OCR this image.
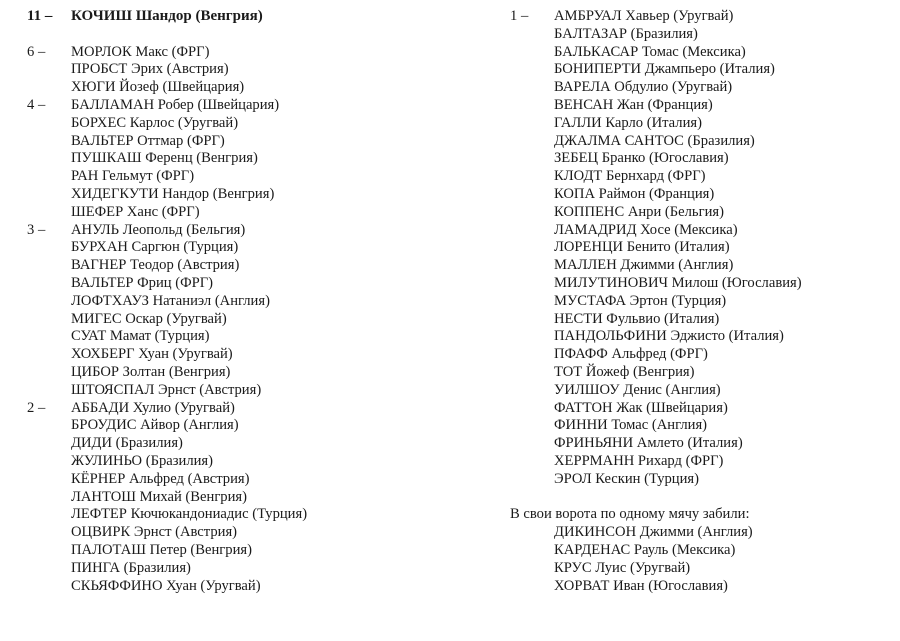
11 –	КОЧИШ Шандор (Венгрия)
6 –	МОРЛОК Макс (ФРГ)
ПРОБСТ Эрих (Австрия)
ХЮГИ Йозеф (Швейцария)
4 –	БАЛЛАМАН Робер (Швейцария)
БОРХЕС Карлос (Уругвай)
ВАЛЬТЕР Оттмар (ФРГ)
ПУШКАШ Ференц (Венгрия)
РАН Гельмут (ФРГ)
ХИДЕГКУТИ Нандор (Венгрия)
ШЕФЕР Ханс (ФРГ)
3 –	АНУЛЬ Леопольд (Бельгия)
БУРХАН Саргюн (Турция)
ВАГНЕР Теодор (Австрия)
ВАЛЬТЕР Фриц (ФРГ)
ЛОФТХАУЗ Натаниэл (Англия)
МИГЕС Оскар (Уругвай)
СУАТ Мамат (Турция)
ХОХБЕРГ Хуан (Уругвай)
ЦИБОР Золтан (Венгрия)
ШТОЯСПАЛ Эрнст (Австрия)
2 –	АББАДИ Хулио (Уругвай)
БРОУДИС Айвор (Англия)
ДИДИ (Бразилия)
ЖУЛИНЬО (Бразилия)
КЁРНЕР Альфред (Австрия)
ЛАНТОШ Михай (Венгрия)
ЛЕФТЕР Кючюкандониадис (Турция)
ОЦВИРК Эрнст (Австрия)
ПАЛОТАШ Петер (Венгрия)
ПИНГА (Бразилия)
СКЬЯФФИНО Хуан (Уругвай)
1 –	АМБРУАЛ Хавьер (Уругвай)
БАЛТАЗАР (Бразилия)
БАЛЬКАСАР Томас (Мексика)
БОНИПЕРТИ Джампьеро (Италия)
ВАРЕЛА Обдулио (Уругвай)
ВЕНСАН Жан (Франция)
ГАЛЛИ Карло (Италия)
ДЖАЛМА САНТОС (Бразилия)
ЗЕБЕЦ Бранко (Югославия)
КЛОДТ Бернхард (ФРГ)
КОПА Раймон (Франция)
КОППЕНС Анри (Бельгия)
ЛАМАДРИД Хосе (Мексика)
ЛОРЕНЦИ Бенито (Италия)
МАЛЛЕН Джимми (Англия)
МИЛУТИНОВИЧ Милош (Югославия)
МУСТАФА Эртон (Турция)
НЕСТИ Фульвио (Италия)
ПАНДОЛЬФИНИ Эджисто (Италия)
ПФАФФ Альфред (ФРГ)
ТОТ Йожеф (Венгрия)
УИЛШОУ Денис (Англия)
ФАТТОН Жак (Швейцария)
ФИННИ Томас (Англия)
ФРИНЬЯНИ Амлето (Италия)
ХЕРРМАНН Рихард (ФРГ)
ЭРОЛ Кескин (Турция)
В свои ворота по одному мячу забили:
ДИКИНСОН Джимми (Англия)
КАРДЕНАС Рауль (Мексика)
КРУС Луис (Уругвай)
ХОРВАТ Иван (Югославия)
